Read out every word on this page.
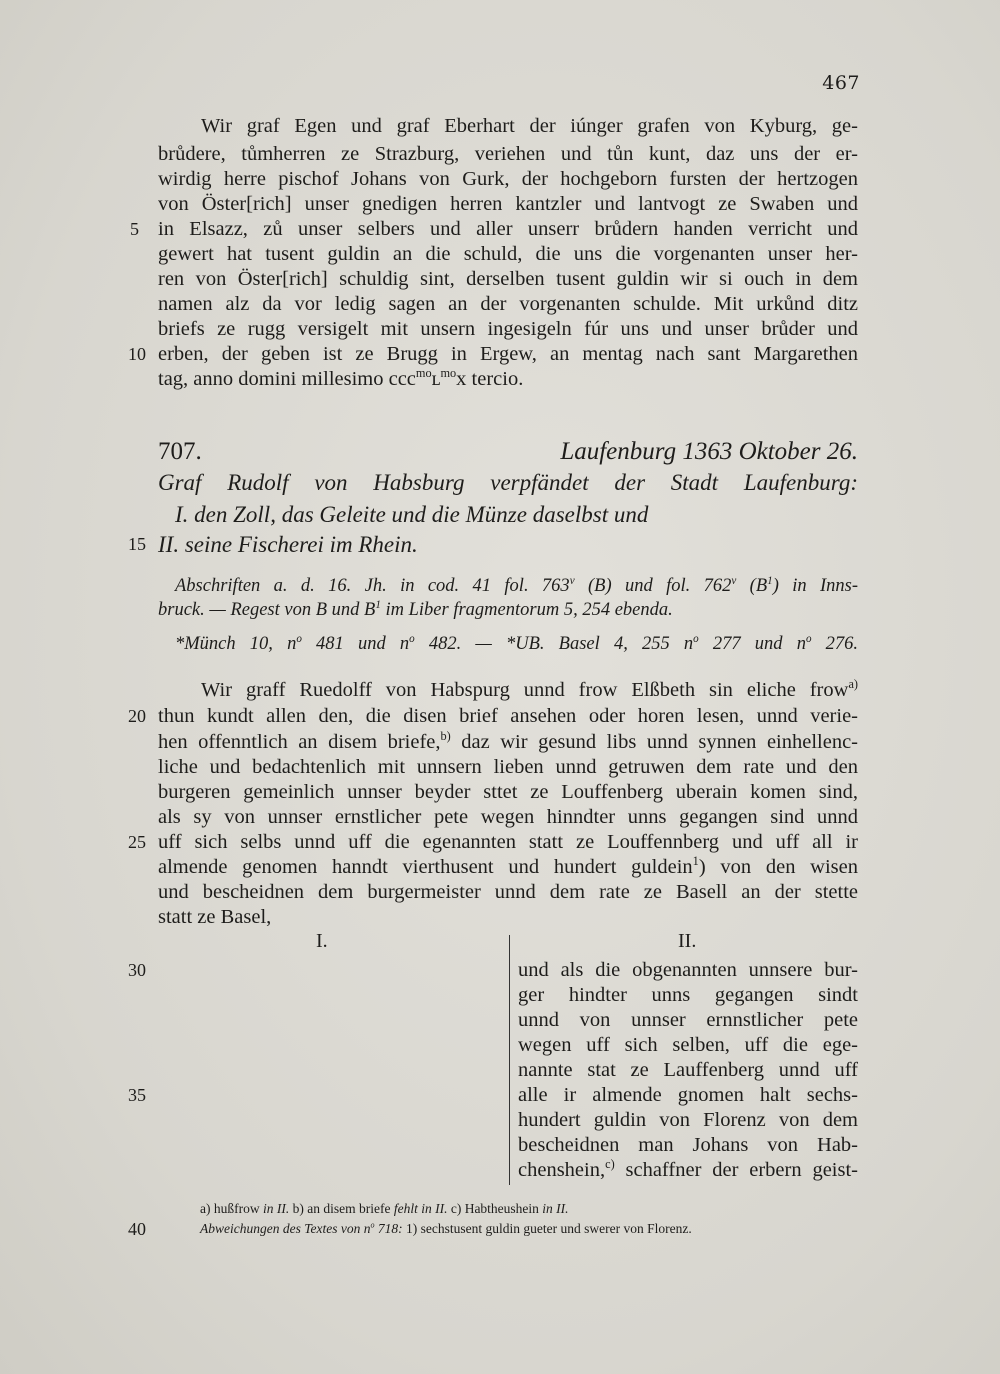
467
Wir graf Egen und graf Eberhart der iúnger grafen von Kyburg, ge-
brůdere, tůmherren ze Strazburg, veriehen und tůn kunt, daz uns der er-
wirdig herre pischof Johans von Gurk, der hochgeborn fursten der hertzogen
von Öster[rich] unser gnedigen herren kantzler und lantvogt ze Swaben und
in Elsazz, zů unser selbers und aller unserr brůdern handen verricht und
gewert hat tusent guldin an die schuld, die uns die vorgenanten unser her-
ren von Öster[rich] schuldig sint, derselben tusent guldin wir si ouch in dem
namen alz da vor ledig sagen an der vorgenanten schulde. Mit urkůnd ditz
briefs ze rugg versigelt mit unsern ingesigeln fúr uns und unser brůder und
erben, der geben ist ze Brugg in Ergew, an mentag nach sant Margarethen
tag, anno domini millesimo ccc$^{mo}$ʟ$^{mo}$x tercio.
707.	Laufenburg 1363 Oktober 26.
Graf Rudolf von Habsburg verpfändet der Stadt Laufenburg:
I. den Zoll, das Geleite und die Münze daselbst und
II. seine Fischerei im Rhein.
Abschriften a. d. 16. Jh. in cod. 41 fol. 763$^v$ (B) und fol. 762$^v$ $(B^1)$ in Inns-
bruck. — Regest von B und $B^1$ im Liber fragmentorum 5, 254 ebenda.
*Münch 10, $n^o$ 481 und $n^o$ 482. — *UB. Basel 4, 255 $n^o$ 277 und $n^o$ 276.
Wir graff Ruedolff von Habspurg unnd frow Elßbeth sin eliche frow$^{a)}$
thun kundt allen den, die disen brief ansehen oder horen lesen, unnd verie-
hen offenntlich an disem briefe,$^{b)}$ daz wir gesund libs unnd synnen einhellenc-
liche und bedachtenlich mit unnsern lieben unnd getruwen dem rate und den
burgeren gemeinlich unnser beyder sttet ze Louffenberg uberain komen sind,
als sy von unnser ernstlicher pete wegen hinndter unns gegangen sind unnd
uff sich selbs unnd uff die egenannten statt ze Louffennberg und uff all ir
almende genomen hanndt vierthusent und hundert guldein$^1$) von den wisen
und bescheidnen dem burgermeister unnd dem rate ze Basell an der stette
statt ze Basel,
I.	II.
und als die obgenannten unnsere bur-
ger hindter unns gegangen sindt
unnd von unnser ernnstlicher pete
wegen uff sich selben, uff die ege-
nannte stat ze Lauffenberg unnd uff
alle ir almende gnomen halt sechs-
hundert guldin von Florenz von dem
bescheidnen man Johans von Hab-
chenshein,$^{c)}$ schaffner der erbern geist-
a) hußfrow in II. b) an disem briefe fehlt in II. c) Habtheushein in II.
Abweichungen des Textes von $n^o$ 718: 1) sechstusent guldin gueter und swerer von Florenz.
5
10
15
20
25
30
35
40
